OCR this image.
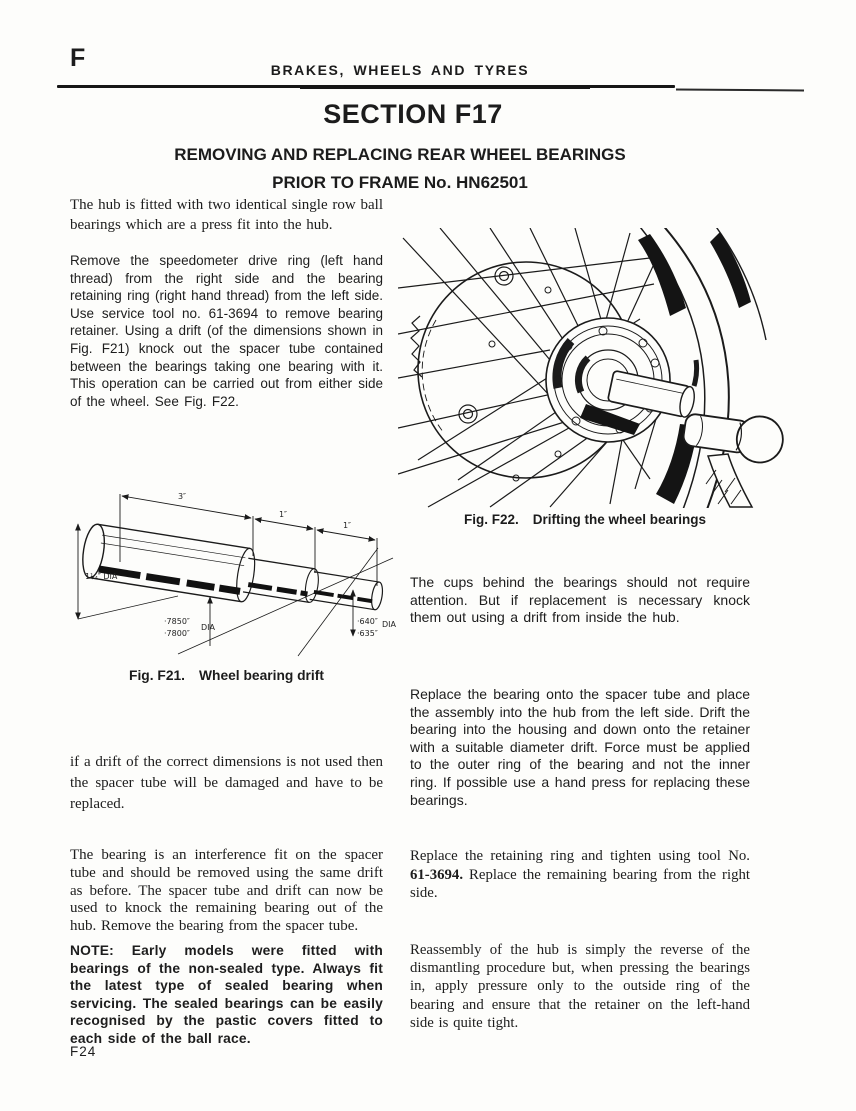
F	BRAKES, WHEELS AND TYRES
SECTION F17
REMOVING AND REPLACING REAR WHEEL BEARINGS
PRIOR TO FRAME No. HN62501
The hub is fitted with two identical single row ball bearings which are a press fit into the hub.
Remove the speedometer drive ring (left hand thread) from the right side and the bearing retaining ring (right hand thread) from the left side. Use service tool no. 61-3694 to remove bearing retainer. Using a drift (of the dimensions shown in Fig. F21) knock out the spacer tube contained between the bearings taking one bearing with it. This operation can be carried out from either side of the wheel. See Fig. F22.
3″
1″
1″
1¼″ DIA
·7850″
·7800″
DIA
·640″ DIA
·635″
Fig. F21. Wheel bearing drift
if a drift of the correct dimensions is not used then the spacer tube will be damaged and have to be replaced.
The bearing is an interference fit on the spacer tube and should be removed using the same drift as before. The spacer tube and drift can now be used to knock the remaining bearing out of the hub. Remove the bearing from the spacer tube.
NOTE: Early models were fitted with bearings of the non-sealed type. Always fit the latest type of sealed bearing when servicing. The sealed bearings can be easily recognised by the pastic covers fitted to each side of the ball race.
Fig. F22. Drifting the wheel bearings
The cups behind the bearings should not require attention. But if replacement is necessary knock them out using a drift from inside the hub.
Replace the bearing onto the spacer tube and place the assembly into the hub from the left side. Drift the bearing into the housing and down onto the retainer with a suitable diameter drift. Force must be applied to the outer ring of the bearing and not the inner ring. If possible use a hand press for replacing these bearings.
Replace the retaining ring and tighten using tool No. 61-3694. Replace the remaining bearing from the right side.
Reassembly of the hub is simply the reverse of the dismantling procedure but, when pressing the bearings in, apply pressure only to the outside ring of the bearing and ensure that the retainer on the left-hand side is quite tight.
F24
